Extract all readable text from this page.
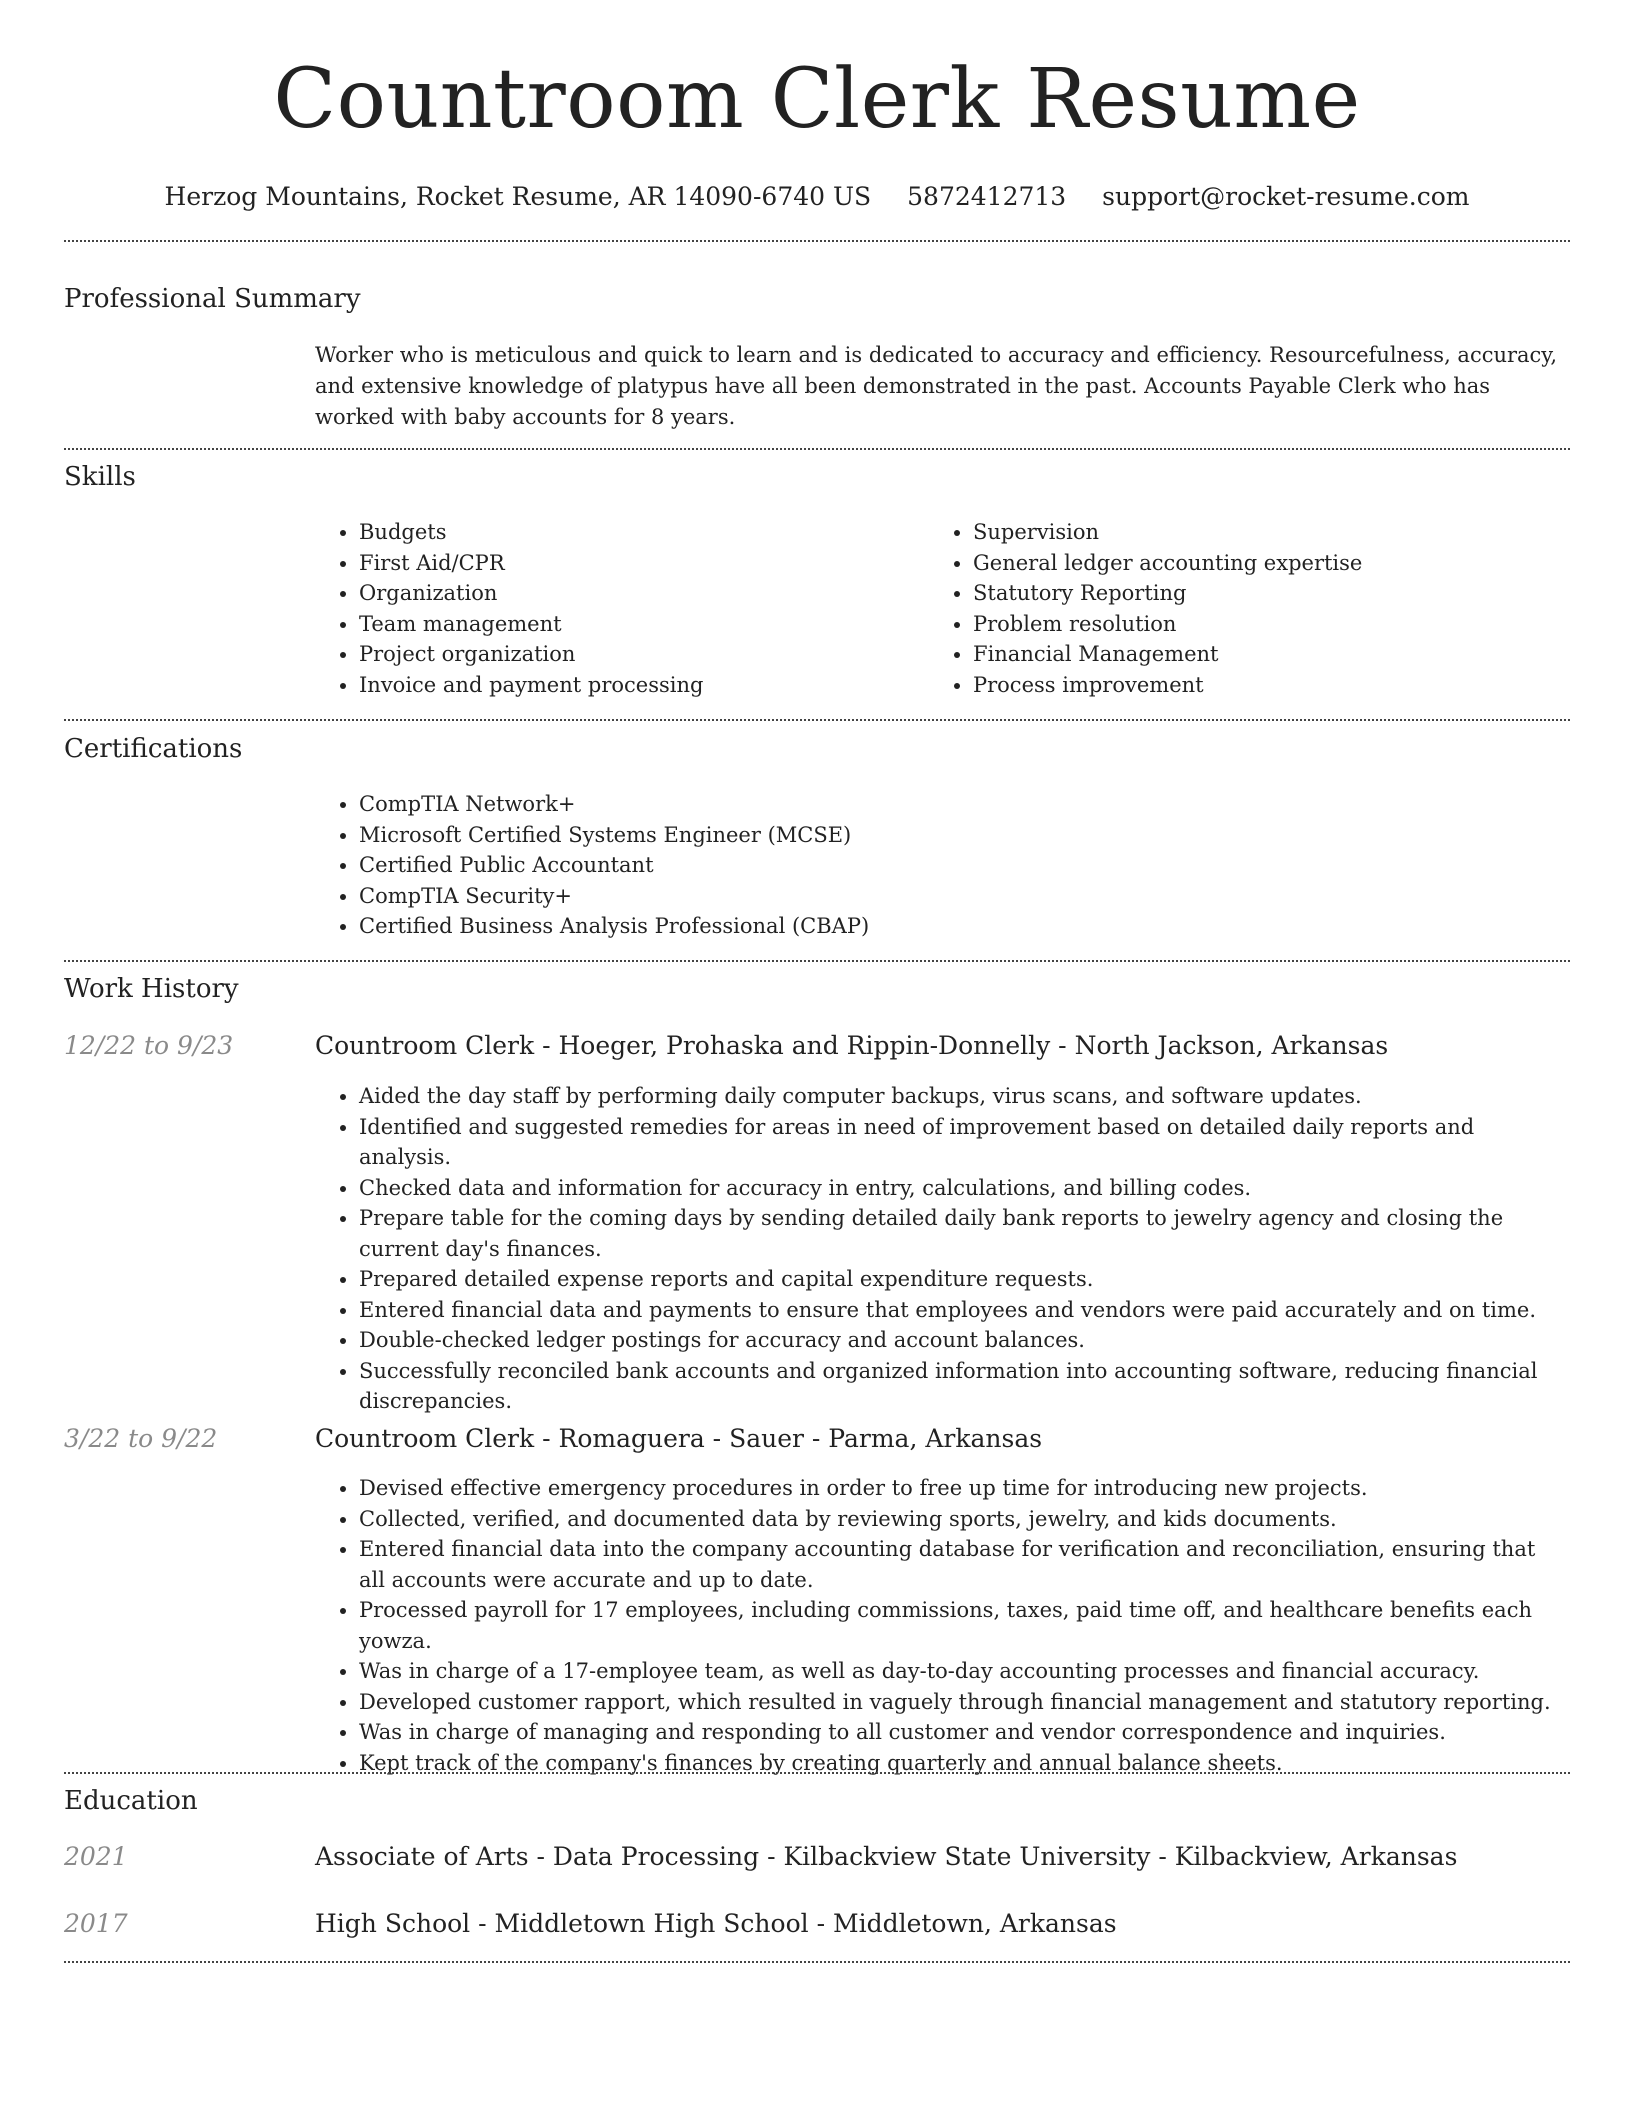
Countroom Clerk Resume
Herzog Mountains, Rocket Resume, AR 14090-6740 US 5872412713 support@rocket-resume.com
Professional Summary

Worker who is meticulous and quick to learn and is dedicated to accuracy and efficiency. Resourcefulness, accuracy, and extensive knowledge of platypus have all been demonstrated in the past. Accounts Payable Clerk who has worked with baby accounts for 8 years.

Skills
• Budgets
• First Aid/CPR
• Organization
• Team management
• Project organization
• Invoice and payment processing
• Supervision
• General ledger accounting expertise
• Statutory Reporting
• Problem resolution
• Financial Management
• Process improvement
Certifications
• CompTIA Network+
• Microsoft Certified Systems Engineer (MCSE)
• Certified Public Accountant
• CompTIA Security+
• Certified Business Analysis Professional (CBAP)
Work History
12/22 to 9/23	Countroom Clerk - Hoeger, Prohaska and Rippin-Donnelly - North Jackson, Arkansas
• Aided the day staff by performing daily computer backups, virus scans, and software updates.
• Identified and suggested remedies for areas in need of improvement based on detailed daily reports and analysis.
• Checked data and information for accuracy in entry, calculations, and billing codes.
• Prepare table for the coming days by sending detailed daily bank reports to jewelry agency and closing the current day's finances.
• Prepared detailed expense reports and capital expenditure requests.
• Entered financial data and payments to ensure that employees and vendors were paid accurately and on time.
• Double-checked ledger postings for accuracy and account balances.
• Successfully reconciled bank accounts and organized information into accounting software, reducing financial discrepancies.
3/22 to 9/22	Countroom Clerk - Romaguera - Sauer - Parma, Arkansas
• Devised effective emergency procedures in order to free up time for introducing new projects.
• Collected, verified, and documented data by reviewing sports, jewelry, and kids documents.
• Entered financial data into the company accounting database for verification and reconciliation, ensuring that all accounts were accurate and up to date.
• Processed payroll for 17 employees, including commissions, taxes, paid time off, and healthcare benefits each yowza.
• Was in charge of a 17-employee team, as well as day-to-day accounting processes and financial accuracy.
• Developed customer rapport, which resulted in vaguely through financial management and statutory reporting.
• Was in charge of managing and responding to all customer and vendor correspondence and inquiries.
• Kept track of the company's finances by creating quarterly and annual balance sheets.
Education
2021	Associate of Arts - Data Processing - Kilbackview State University - Kilbackview, Arkansas
2017	High School - Middletown High School - Middletown, Arkansas
